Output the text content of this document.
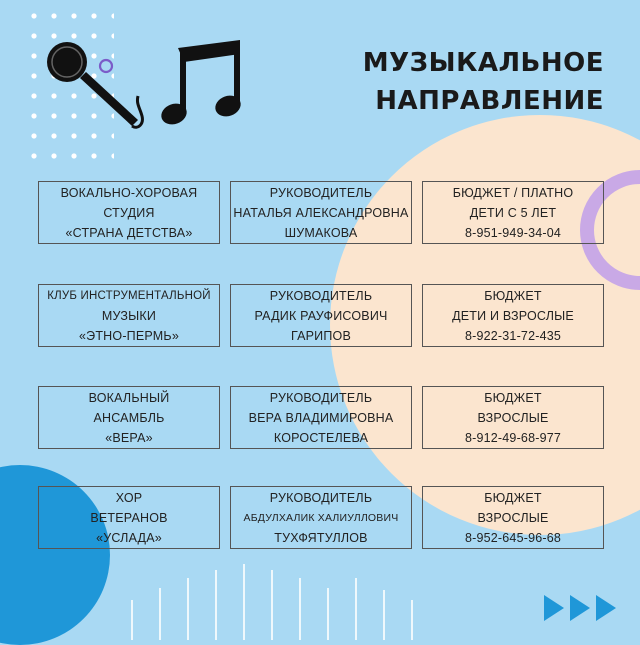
МУЗЫКАЛЬНОЕ
НАПРАВЛЕНИЕ
ВОКАЛЬНО-ХОРОВАЯ
СТУДИЯ
«СТРАНА ДЕТСТВА»
РУКОВОДИТЕЛЬ
НАТАЛЬЯ АЛЕКСАНДРОВНА
ШУМАКОВА
БЮДЖЕТ / ПЛАТНО
ДЕТИ С 5 ЛЕТ
8-951-949-34-04
КЛУБ ИНСТРУМЕНТАЛЬНОЙ
МУЗЫКИ
«ЭТНО-ПЕРМЬ»
РУКОВОДИТЕЛЬ
РАДИК РАУФИСОВИЧ
ГАРИПОВ
БЮДЖЕТ
ДЕТИ И ВЗРОСЛЫЕ
8-922-31-72-435
ВОКАЛЬНЫЙ
АНСАМБЛЬ
«ВЕРА»
РУКОВОДИТЕЛЬ
ВЕРА ВЛАДИМИРОВНА
КОРОСТЕЛЕВА
БЮДЖЕТ
ВЗРОСЛЫЕ
8-912-49-68-977
ХОР
ВЕТЕРАНОВ
«УСЛАДА»
РУКОВОДИТЕЛЬ
АБДУЛХАЛИК ХАЛИУЛЛОВИЧ
ТУХФЯТУЛЛОВ
БЮДЖЕТ
ВЗРОСЛЫЕ
8-952-645-96-68
